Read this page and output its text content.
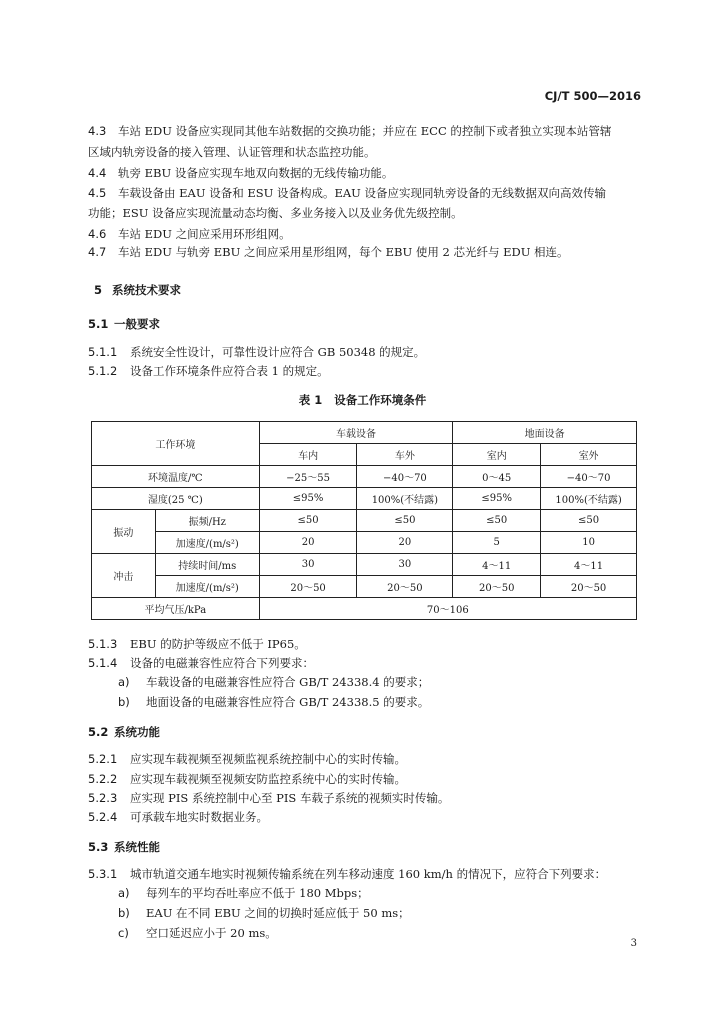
CJ/T 500—2016
4.3 车站 EDU 设备应实现同其他车站数据的交换功能；并应在 ECC 的控制下或者独立实现本站管辖
区域内轨旁设备的接入管理、认证管理和状态监控功能。
4.4 轨旁 EBU 设备应实现车地双向数据的无线传输功能。
4.5 车载设备由 EAU 设备和 ESU 设备构成。EAU 设备应实现同轨旁设备的无线数据双向高效传输
功能；ESU 设备应实现流量动态均衡、多业务接入以及业务优先级控制。
4.6 车站 EDU 之间应采用环形组网。
4.7 车站 EDU 与轨旁 EBU 之间应采用星形组网，每个 EBU 使用 2 芯光纤与 EDU 相连。
5 系统技术要求
5.1 一般要求
5.1.1 系统安全性设计，可靠性设计应符合 GB 50348 的规定。
5.1.2 设备工作环境条件应符合表 1 的规定。
表 1 设备工作环境条件
工作环境		车载设备		地面设备	
		车内	车外	室内	室外
环境温度/℃		−25～55	−40～70	0～45	−40～70
湿度(25 ℃)		≤95%	100%(不结露)	≤95%	100%(不结露)
振动	振频/Hz	≤50	≤50	≤50	≤50
	加速度/(m/s²)	20	20	5	10
冲击	持续时间/ms	30	30	4～11	4～11
	加速度/(m/s²)	20～50	20～50	20～50	20～50
平均气压/kPa		70～106			
5.1.3 EBU 的防护等级应不低于 IP65。
5.1.4 设备的电磁兼容性应符合下列要求：
a) 车载设备的电磁兼容性应符合 GB/T 24338.4 的要求；
b) 地面设备的电磁兼容性应符合 GB/T 24338.5 的要求。
5.2 系统功能
5.2.1 应实现车载视频至视频监视系统控制中心的实时传输。
5.2.2 应实现车载视频至视频安防监控系统中心的实时传输。
5.2.3 应实现 PIS 系统控制中心至 PIS 车载子系统的视频实时传输。
5.2.4 可承载车地实时数据业务。
5.3 系统性能
5.3.1 城市轨道交通车地实时视频传输系统在列车移动速度 160 km/h 的情况下，应符合下列要求：
a) 每列车的平均吞吐率应不低于 180 Mbps；
b) EAU 在不同 EBU 之间的切换时延应低于 50 ms；
c) 空口延迟应小于 20 ms。
3
